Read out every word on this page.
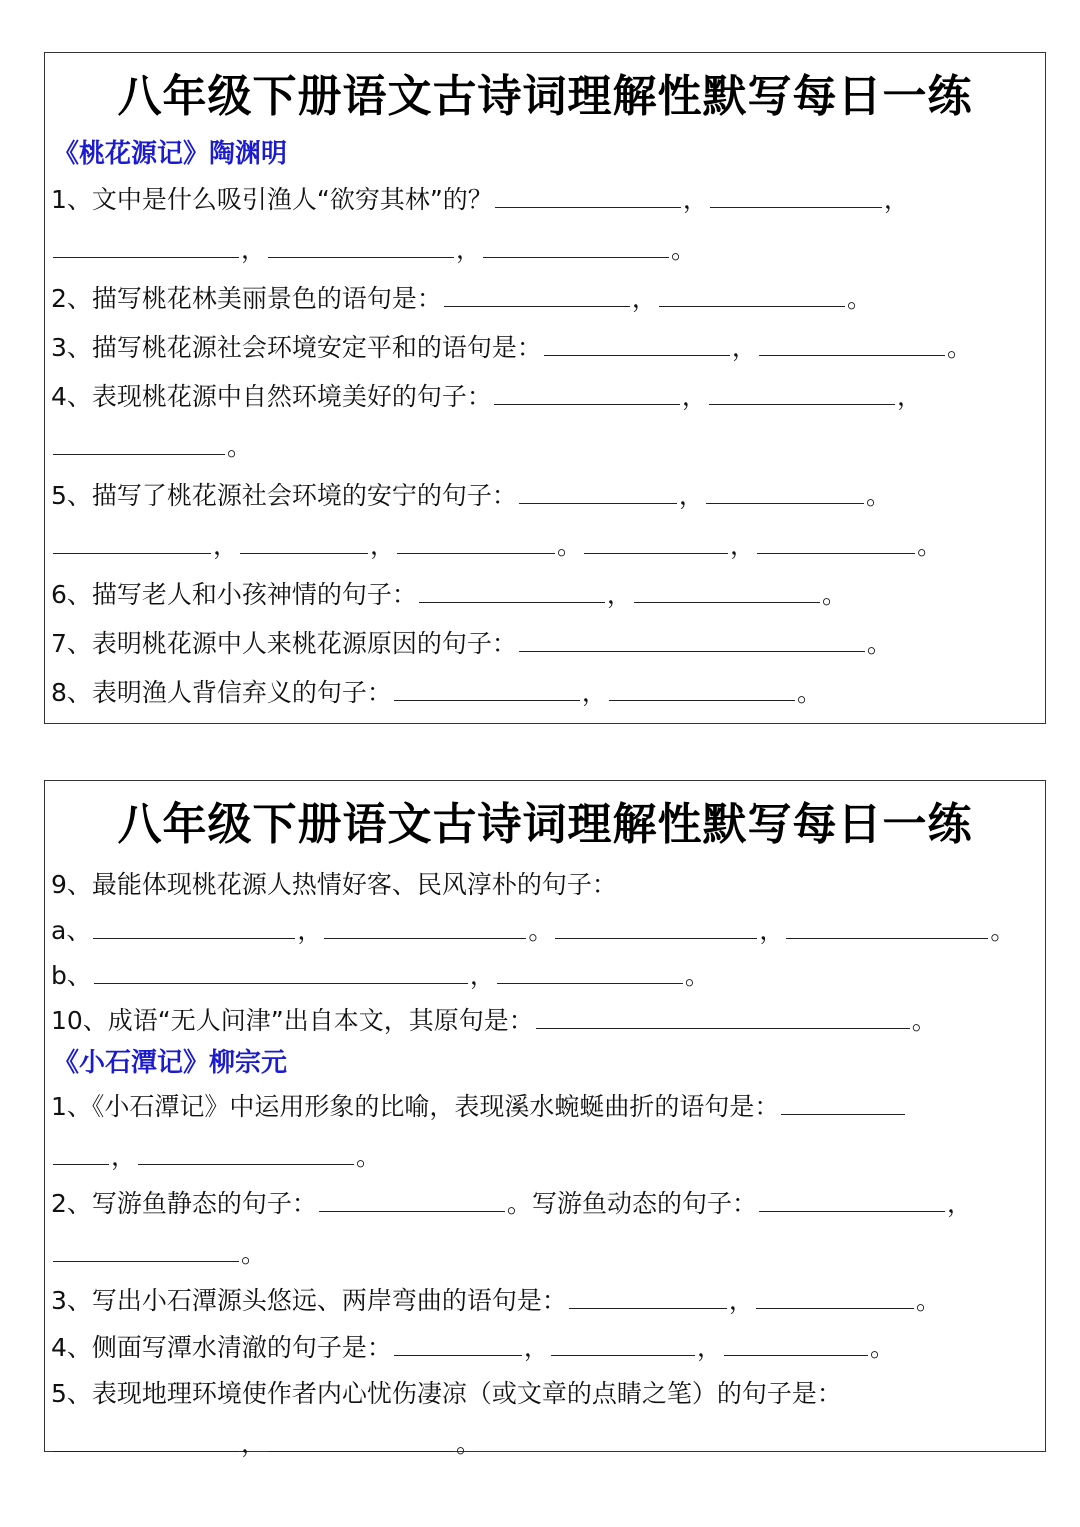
八年级下册语文古诗词理解性默写每日一练
《桃花源记》陶渊明
1、文中是什么吸引渔人“欲穷其林”的？	，	，
，	，	。
2、描写桃花林美丽景色的语句是：	，	。
3、描写桃花源社会环境安定平和的语句是：	，	。
4、表现桃花源中自然环境美好的句子：	，	，
。
5、描写了桃花源社会环境的安宁的句子：	，	。
，	，	。	，	。
6、描写老人和小孩神情的句子：	，	。
7、表明桃花源中人来桃花源原因的句子：	。
8、表明渔人背信弃义的句子：	，	。
八年级下册语文古诗词理解性默写每日一练
9、最能体现桃花源人热情好客、民风淳朴的句子：
a、	，	。	，	。
b、	，	。
10、成语“无人问津”出自本文，其原句是：	。
《小石潭记》柳宗元
1、《小石潭记》中运用形象的比喻，表现溪水蜿蜒曲折的语句是：
，	。
2、写游鱼静态的句子：	。写游鱼动态的句子：	，
。
3、写出小石潭源头悠远、两岸弯曲的语句是：	，	。
4、侧面写潭水清澈的句子是：	，	，	。
5、表现地理环境使作者内心忧伤凄凉（或文章的点睛之笔）的句子是：
，	。
